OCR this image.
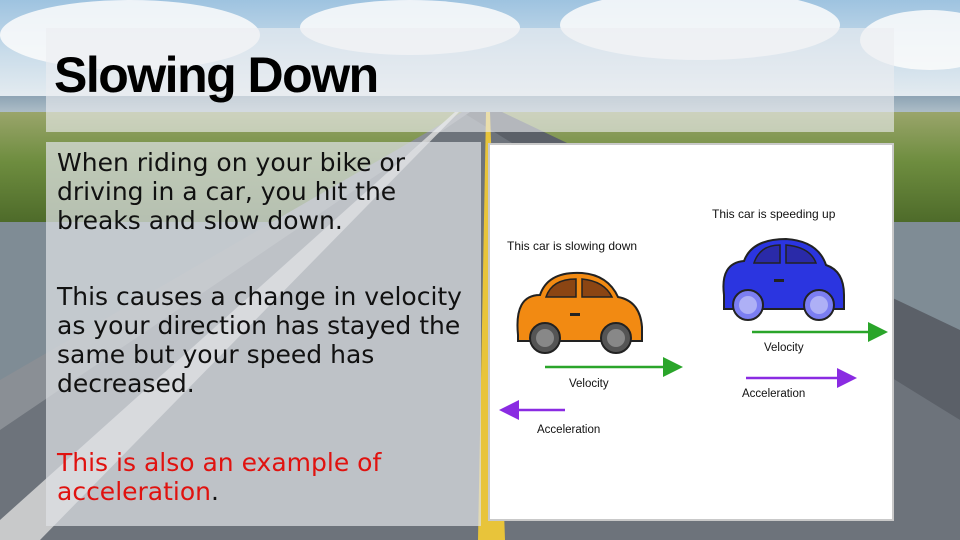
Slowing Down

When riding on your bike or driving in a car, you hit the breaks and slow down.

This causes a change in velocity as your direction has stayed the same but your speed has decreased.

This is also an example of acceleration.

This car is slowing down
Velocity
Acceleration
This car is speeding up
Velocity
Acceleration
